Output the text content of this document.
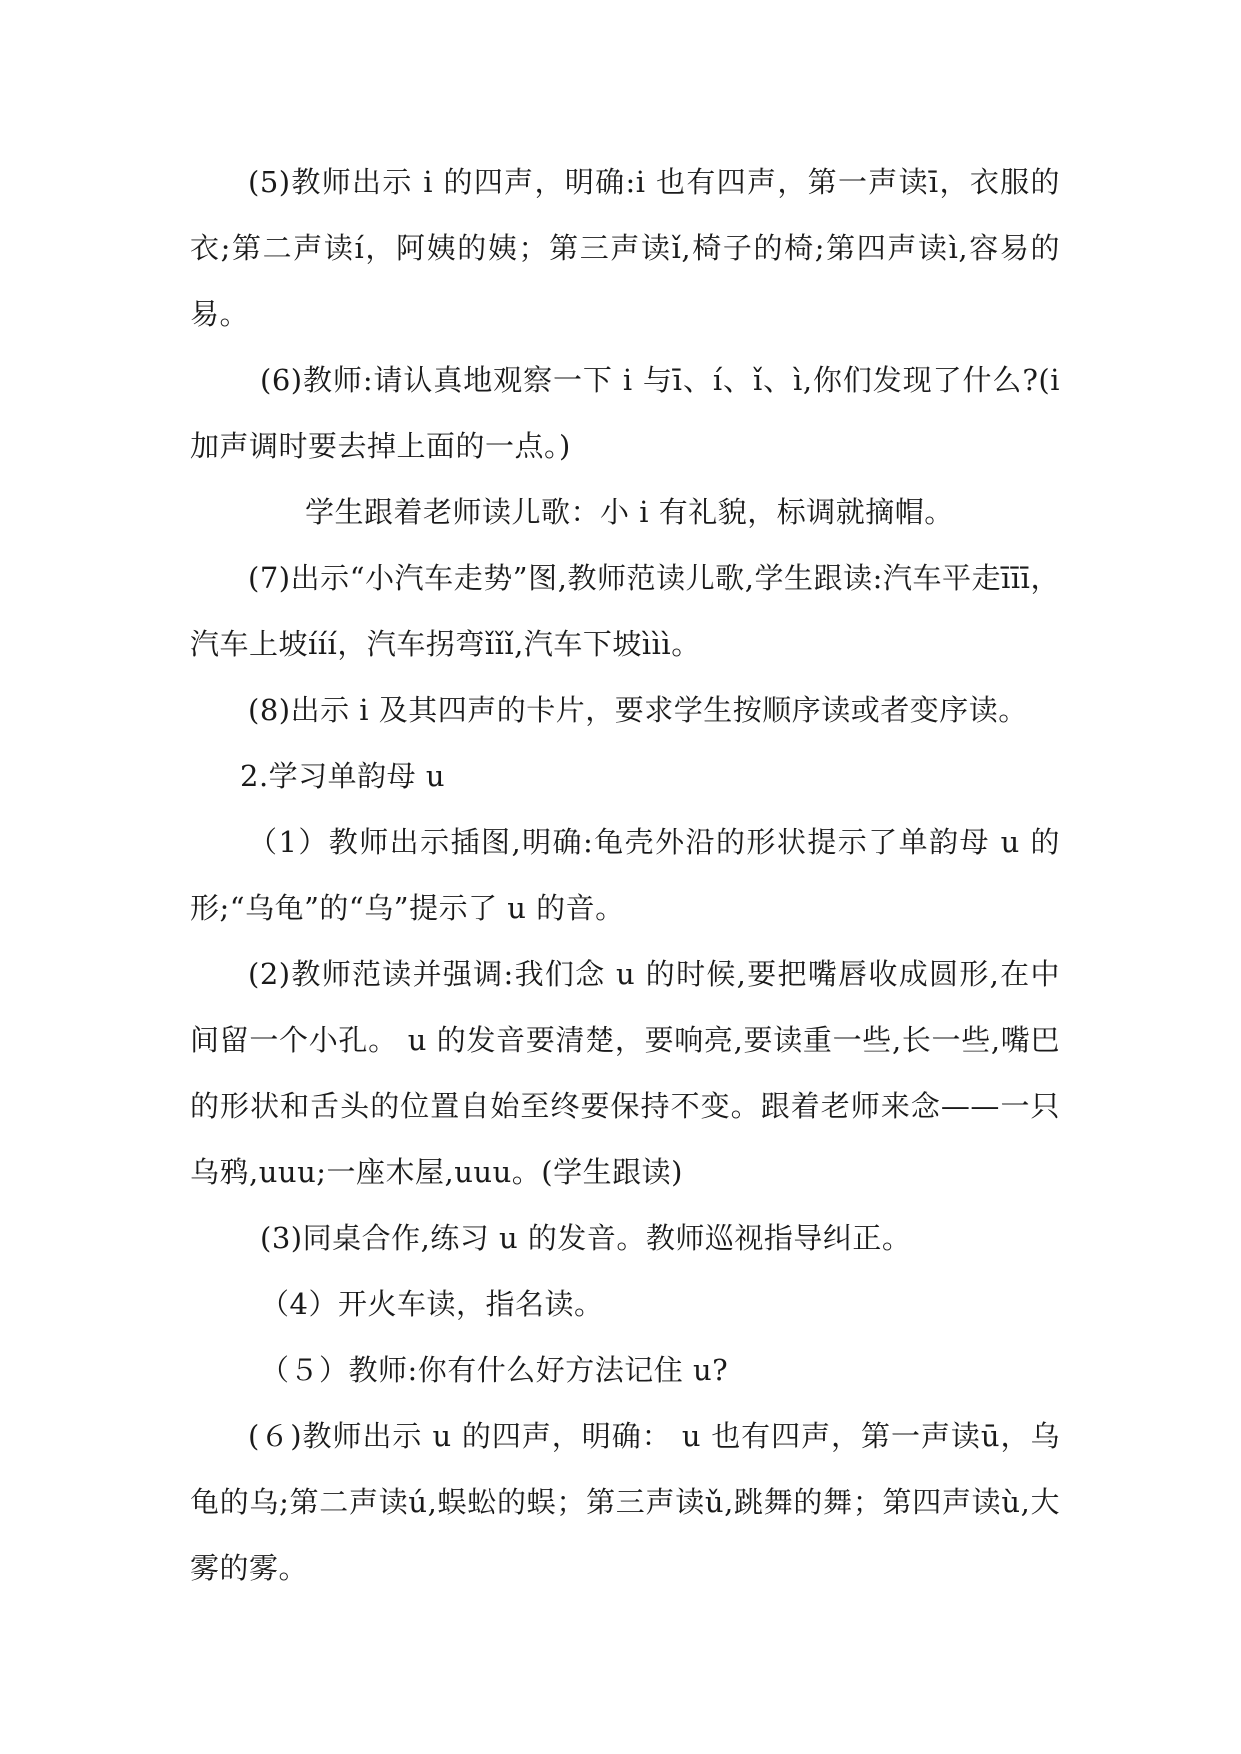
(5)教师出示 i 的四声，明确:i 也有四声，第一声读ī，衣服的衣;第二声读í，阿姨的姨；第三声读ǐ,椅子的椅;第四声读ì,容易的易。

(6)教师:请认真地观察一下 i 与ī、í、ǐ、ì,你们发现了什么?(i 加声调时要去掉上面的一点。)

学生跟着老师读儿歌：小 i 有礼貌，标调就摘帽。

(7)出示“小汽车走势”图,教师范读儿歌,学生跟读:汽车平走īīī，汽车上坡ííí，汽车拐弯ǐǐǐ,汽车下坡ììì。

(8)出示 i 及其四声的卡片，要求学生按顺序读或者变序读。

2.学习单韵母 u

（1）教师出示插图,明确:龟壳外沿的形状提示了单韵母 u 的形;“乌龟”的“乌”提示了 u 的音。

(2)教师范读并强调:我们念 u 的时候,要把嘴唇收成圆形,在中间留一个小孔。 u 的发音要清楚，要响亮,要读重一些,长一些,嘴巴的形状和舌头的位置自始至终要保持不变。跟着老师来念——一只乌鸦,uuu;一座木屋,uuu。(学生跟读)

(3)同桌合作,练习 u 的发音。教师巡视指导纠正。

（4）开火车读，指名读。

（５）教师:你有什么好方法记住 u?

(６)教师出示 u 的四声，明确： u 也有四声，第一声读ū，乌龟的乌;第二声读ú,蜈蚣的蜈；第三声读ǔ,跳舞的舞；第四声读ù,大雾的雾。
